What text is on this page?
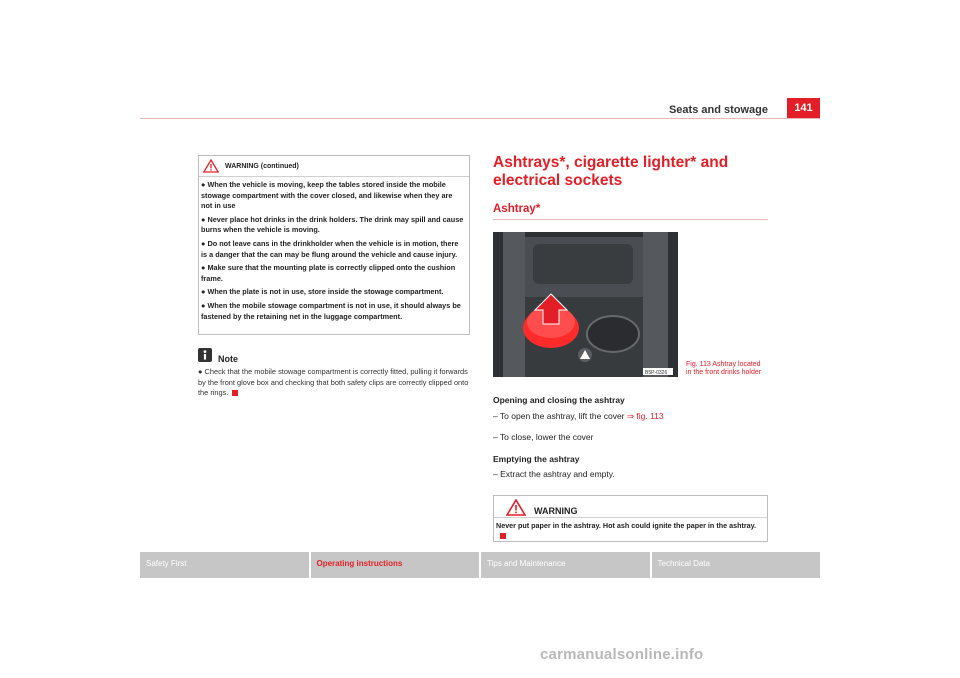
Seats and stowage	141
WARNING (continued)

● When the vehicle is moving, keep the tables stored inside the mobile stowage compartment with the cover closed, and likewise when they are not in use

● Never place hot drinks in the drink holders. The drink may spill and cause burns when the vehicle is moving.

● Do not leave cans in the drinkholder when the vehicle is in motion, there is a danger that the can may be flung around the vehicle and cause injury.

● Make sure that the mounting plate is correctly clipped onto the cushion frame.

● When the plate is not in use, store inside the stowage compartment.

● When the mobile stowage compartment is not in use, it should always be fastened by the retaining net in the luggage compartment.

Note
● Check that the mobile stowage compartment is correctly fitted, pulling it forwards by the front glove box and checking that both safety clips are correctly clipped onto the rings.
Ashtrays*, cigarette lighter* and electrical sockets
Ashtray*
B5P-0326
Fig. 113 Ashtray located
in the front drinks holder
Opening and closing the ashtray
– To open the ashtray, lift the cover ⇒ fig. 113
– To close, lower the cover
Emptying the ashtray
– Extract the ashtray and empty.
WARNING
Never put paper in the ashtray. Hot ash could ignite the paper in the ashtray.
Safety First	Operating instructions	Tips and Maintenance	Technical Data
carmanualsonline.info
